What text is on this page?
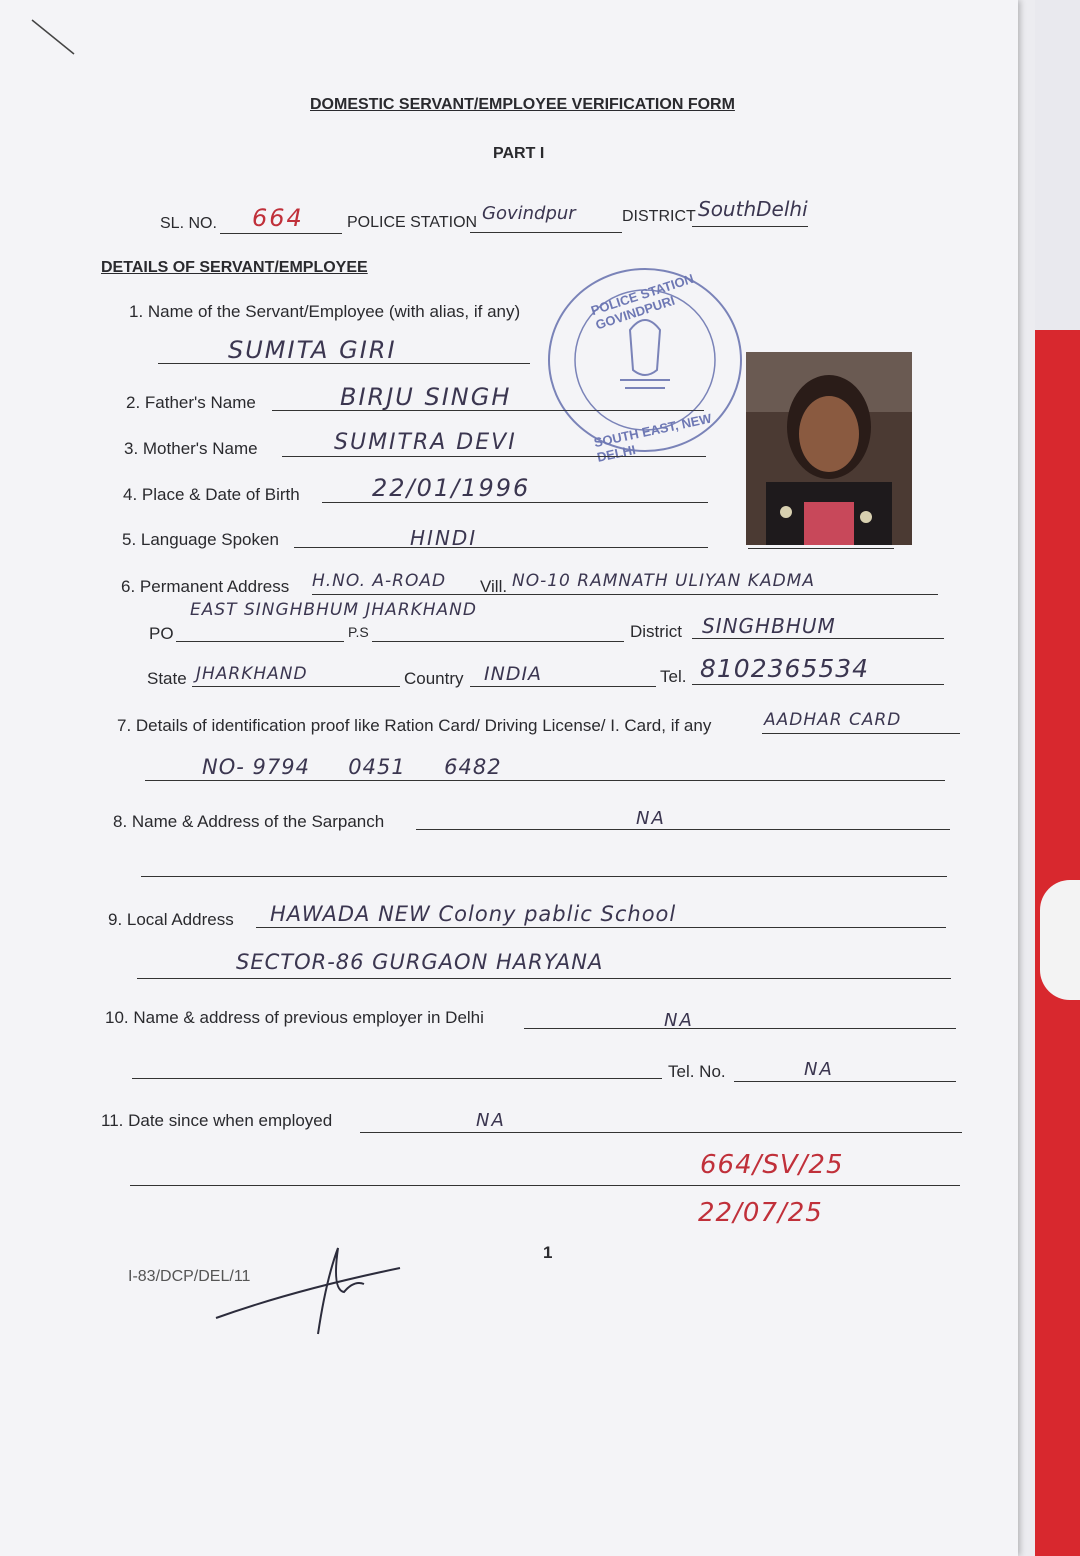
DOMESTIC SERVANT/EMPLOYEE VERIFICATION FORM
PART I
SL. NO. 664	POLICE STATION Govindpur	DISTRICT SouthDelhi
DETAILS OF SERVANT/EMPLOYEE
POLICE STATION GOVINDPURI
SOUTH EAST, NEW DELHI
1. Name of the Servant/Employee (with alias, if any)
SUMITA GIRI
2. Father's Name	BIRJU SINGH
3. Mother's Name	SUMITRA DEVI
4. Place & Date of Birth	22/01/1996
5. Language Spoken	HINDI
6. Permanent Address H.NO. A-ROAD Vill. NO-10 RAMNATH ULIYAN KADMA
EAST SINGHBHUM JHARKHAND
PO	P.S	District SINGHBHUM
State JHARKHAND	Country INDIA	Tel. 8102365534
7. Details of identification proof like Ration Card/ Driving License/ I. Card, if any	AADHAR CARD
NO- 9794     0451     6482
8. Name & Address of the Sarpanch	NA
9. Local Address HAWADA NEW Colony pablic School
SECTOR-86 GURGAON HARYANA
10. Name & address of previous employer in Delhi	NA
Tel. No.	NA
11. Date since when employed	NA
664/SV/25
22/07/25
1
I-83/DCP/DEL/11
